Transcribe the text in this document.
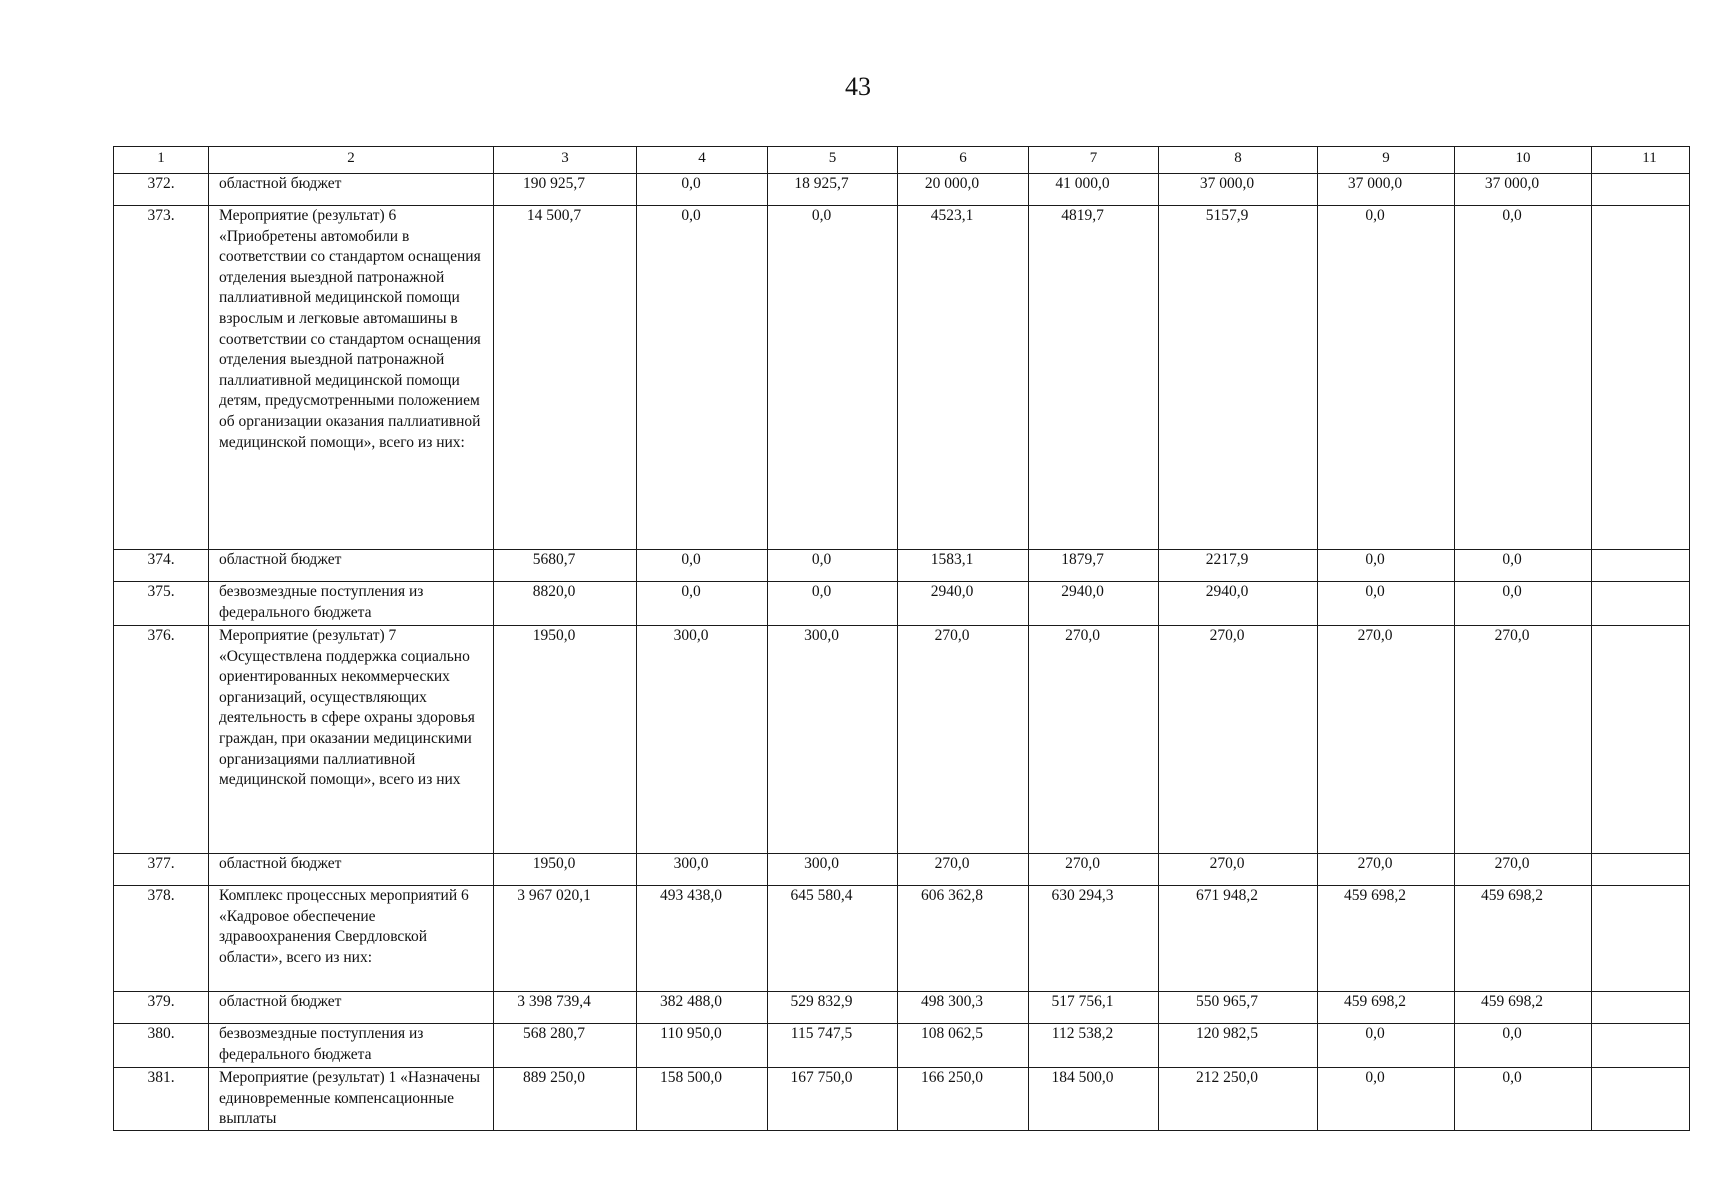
43
1	2	3	4	5	6	7	8	9	10	11
372.	областной бюджет	190 925,7	0,0	18 925,7	20 000,0	41 000,0	37 000,0	37 000,0	37 000,0	
373.	Мероприятие (результат) 6 «Приобретены автомобили в соответствии со стандартом оснащения отделения выездной патронажной паллиативной медицинской помощи взрослым и легковые автомашины в соответствии со стандартом оснащения отделения выездной патронажной паллиативной медицинской помощи детям, предусмотренными положением об организации оказания паллиативной медицинской помощи», всего из них:	14 500,7	0,0	0,0	4523,1	4819,7	5157,9	0,0	0,0	
374.	областной бюджет	5680,7	0,0	0,0	1583,1	1879,7	2217,9	0,0	0,0	
375.	безвозмездные поступления из федерального бюджета	8820,0	0,0	0,0	2940,0	2940,0	2940,0	0,0	0,0	
376.	Мероприятие (результат) 7 «Осуществлена поддержка социально ориентированных некоммерческих организаций, осуществляющих деятельность в сфере охраны здоровья граждан, при оказании медицинскими организациями паллиативной медицинской помощи», всего из них	1950,0	300,0	300,0	270,0	270,0	270,0	270,0	270,0	
377.	областной бюджет	1950,0	300,0	300,0	270,0	270,0	270,0	270,0	270,0	
378.	Комплекс процессных мероприятий 6 «Кадровое обеспечение здравоохранения Свердловской области», всего из них:	3 967 020,1	493 438,0	645 580,4	606 362,8	630 294,3	671 948,2	459 698,2	459 698,2	
379.	областной бюджет	3 398 739,4	382 488,0	529 832,9	498 300,3	517 756,1	550 965,7	459 698,2	459 698,2	
380.	безвозмездные поступления из федерального бюджета	568 280,7	110 950,0	115 747,5	108 062,5	112 538,2	120 982,5	0,0	0,0	
381.	Мероприятие (результат) 1 «Назначены единовременные компенсационные выплаты	889 250,0	158 500,0	167 750,0	166 250,0	184 500,0	212 250,0	0,0	0,0	
